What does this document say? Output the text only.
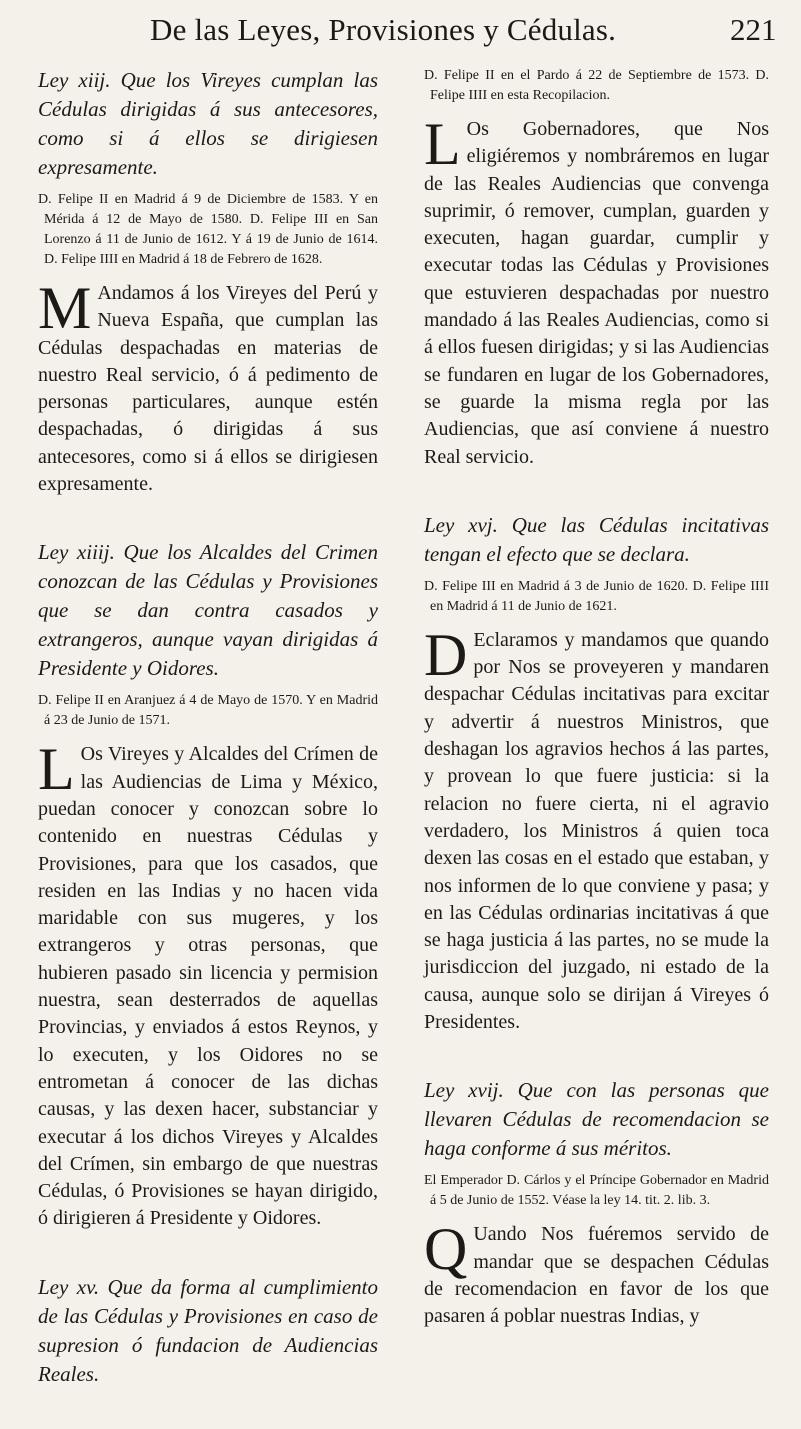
De las Leyes, Provisiones y Cédulas.	221

Ley xiij. Que los Vireyes cumplan las Cédulas dirigidas á sus antecesores, como si á ellos se dirigiesen expresamente.

D. Felipe II en Madrid á 9 de Diciembre de 1583. Y en Mérida á 12 de Mayo de 1580. D. Felipe III en San Lorenzo á 11 de Junio de 1612. Y á 19 de Junio de 1614. D. Felipe IIII en Madrid á 18 de Febrero de 1628.

M Andamos á los Vireyes del Perú y Nueva España, que cumplan las Cédulas despachadas en materias de nuestro Real servicio, ó á pedimento de personas particulares, aunque estén despachadas, ó dirigidas á sus antecesores, como si á ellos se dirigiesen expresamente.

Ley xiiij. Que los Alcaldes del Crimen conozcan de las Cédulas y Provisiones que se dan contra casados y extrangeros, aunque vayan dirigidas á Presidente y Oidores.

D. Felipe II en Aranjuez á 4 de Mayo de 1570. Y en Madrid á 23 de Junio de 1571.

L Os Vireyes y Alcaldes del Crímen de las Audiencias de Lima y México, puedan conocer y conozcan sobre lo contenido en nuestras Cédulas y Provisiones, para que los casados, que residen en las Indias y no hacen vida maridable con sus mugeres, y los extrangeros y otras personas, que hubieren pasado sin licencia y permision nuestra, sean desterrados de aquellas Provincias, y enviados á estos Reynos, y lo executen, y los Oidores no se entrometan á conocer de las dichas causas, y las dexen hacer, substanciar y executar á los dichos Vireyes y Alcaldes del Crímen, sin embargo de que nuestras Cédulas, ó Provisiones se hayan dirigido, ó dirigieren á Presidente y Oidores.

Ley xv. Que da forma al cumplimiento de las Cédulas y Provisiones en caso de supresion ó fundacion de Audiencias Reales.

D. Felipe II en el Pardo á 22 de Septiembre de 1573. D. Felipe IIII en esta Recopilacion.

L Os Gobernadores, que Nos eligiéremos y nombráremos en lugar de las Reales Audiencias que convenga suprimir, ó remover, cumplan, guarden y executen, hagan guardar, cumplir y executar todas las Cédulas y Provisiones que estuvieren despachadas por nuestro mandado á las Reales Audiencias, como si á ellos fuesen dirigidas; y si las Audiencias se fundaren en lugar de los Gobernadores, se guarde la misma regla por las Audiencias, que así conviene á nuestro Real servicio.

Ley xvj. Que las Cédulas incitativas tengan el efecto que se declara.

D. Felipe III en Madrid á 3 de Junio de 1620. D. Felipe IIII en Madrid á 11 de Junio de 1621.

D Eclaramos y mandamos que quando por Nos se proveyeren y mandaren despachar Cédulas incitativas para excitar y advertir á nuestros Ministros, que deshagan los agravios hechos á las partes, y provean lo que fuere justicia: si la relacion no fuere cierta, ni el agravio verdadero, los Ministros á quien toca dexen las cosas en el estado que estaban, y nos informen de lo que conviene y pasa; y en las Cédulas ordinarias incitativas á que se haga justicia á las partes, no se mude la jurisdiccion del juzgado, ni estado de la causa, aunque solo se dirijan á Vireyes ó Presidentes.

Ley xvij. Que con las personas que llevaren Cédulas de recomendacion se haga conforme á sus méritos.

El Emperador D. Cárlos y el Príncipe Gobernador en Madrid á 5 de Junio de 1552. Véase la ley 14. tit. 2. lib. 3.

Q Uando Nos fuéremos servido de mandar que se despachen Cédulas de recomendacion en favor de los que pasaren á poblar nuestras Indias, y
